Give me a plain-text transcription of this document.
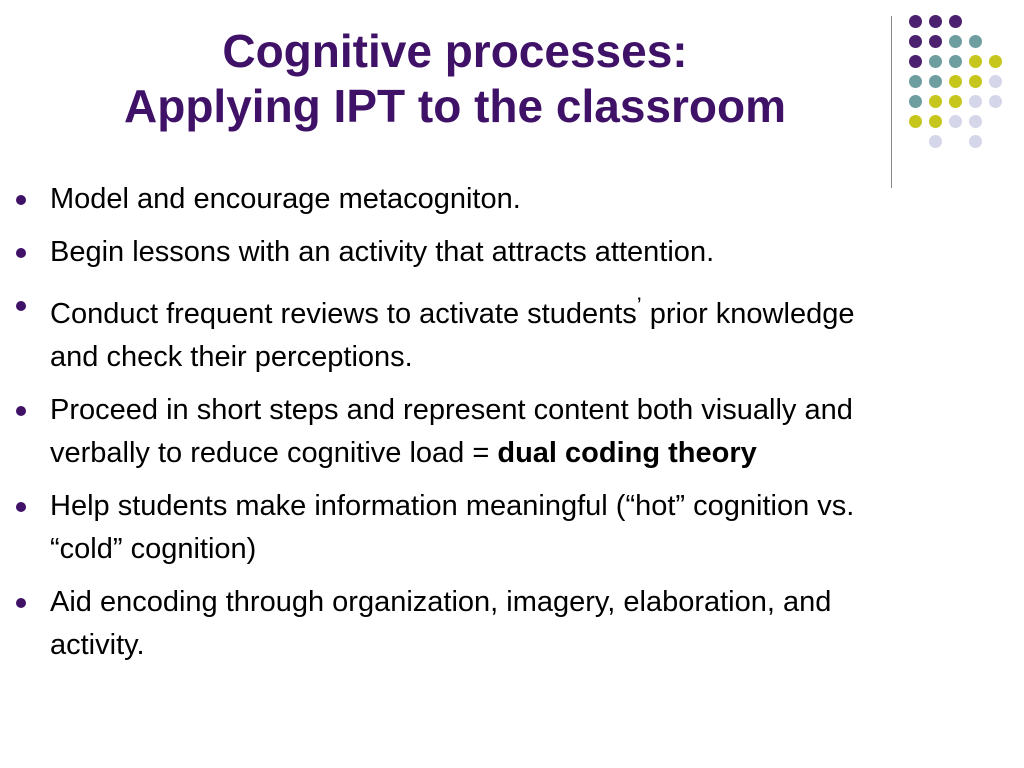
Cognitive processes:
Applying IPT to the classroom
Model and encourage metacogniton.
Begin lessons with an activity that attracts attention.
Conduct frequent reviews to activate students’ prior knowledge and check their perceptions.
Proceed in short steps and represent content both visually and verbally to reduce cognitive load = dual coding theory
Help students make information meaningful (“hot” cognition vs. “cold” cognition)
Aid encoding through organization, imagery, elaboration, and activity.
